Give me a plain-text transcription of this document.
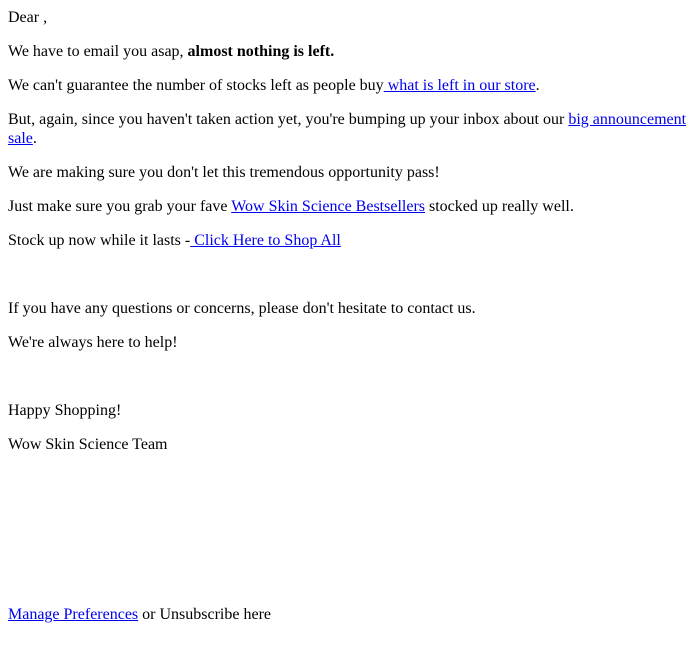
Dear ,

We have to email you asap, almost nothing is left.

We can't guarantee the number of stocks left as people buy what is left in our store.

But, again, since you haven't taken action yet, you're bumping up your inbox about our big announcement sale.

We are making sure you don't let this tremendous opportunity pass!

Just make sure you grab your fave Wow Skin Science Bestsellers stocked up really well.

Stock up now while it lasts - Click Here to Shop All

If you have any questions or concerns, please don't hesitate to contact us.

We're always here to help!

Happy Shopping!

Wow Skin Science Team

Manage Preferences or Unsubscribe here
